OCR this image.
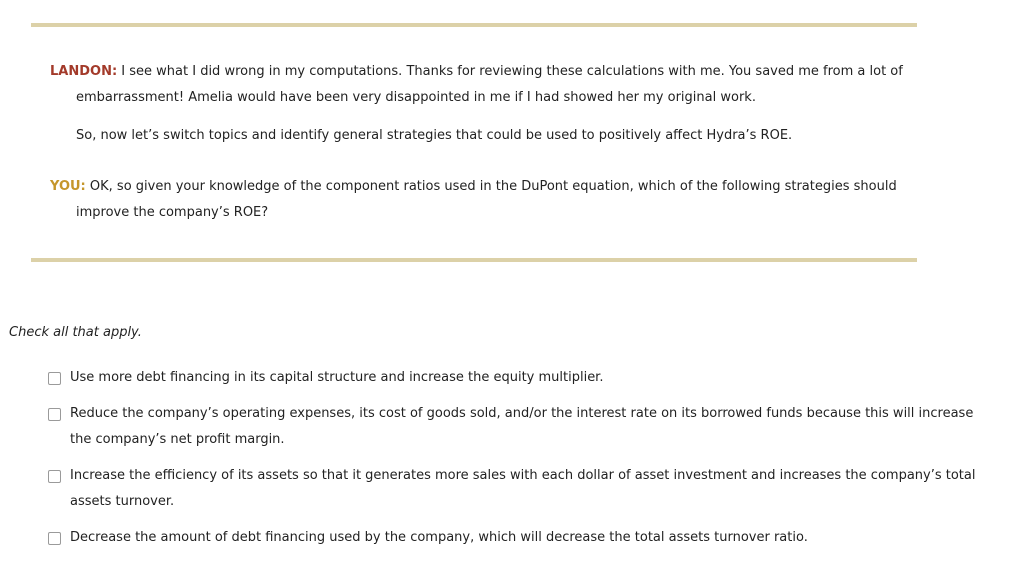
LANDON: I see what I did wrong in my computations. Thanks for reviewing these calculations with me. You saved me from a lot of
embarrassment! Amelia would have been very disappointed in me if I had showed her my original work.
So, now let’s switch topics and identify general strategies that could be used to positively affect Hydra’s ROE.
YOU: OK, so given your knowledge of the component ratios used in the DuPont equation, which of the following strategies should
improve the company’s ROE?
Check all that apply.
Use more debt financing in its capital structure and increase the equity multiplier.
Reduce the company’s operating expenses, its cost of goods sold, and/or the interest rate on its borrowed funds because this will increase
the company’s net profit margin.
Increase the efficiency of its assets so that it generates more sales with each dollar of asset investment and increases the company’s total
assets turnover.
Decrease the amount of debt financing used by the company, which will decrease the total assets turnover ratio.
